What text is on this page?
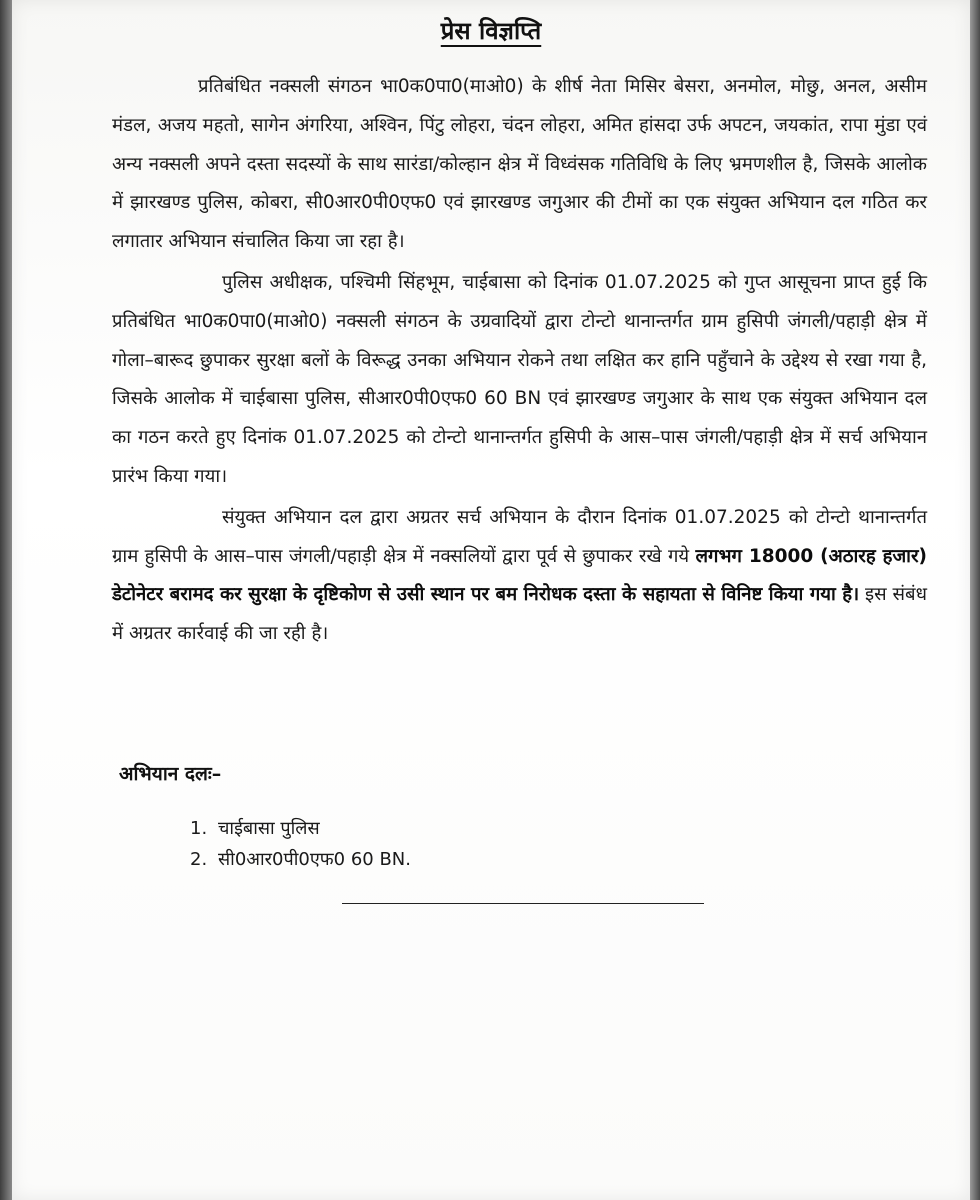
प्रेस विज्ञप्ति

प्रतिबंधित नक्सली संगठन भा0क0पा0(माओ0) के शीर्ष नेता मिसिर बेसरा, अनमोल, मोछु, अनल, असीम मंडल, अजय महतो, सागेन अंगरिया, अश्विन, पिंटु लोहरा, चंदन लोहरा, अमित हांसदा उर्फ अपटन, जयकांत, रापा मुंडा एवं अन्य नक्सली अपने दस्ता सदस्यों के साथ सारंडा/कोल्हान क्षेत्र में विध्वंसक गतिविधि के लिए भ्रमणशील है, जिसके आलोक में झारखण्ड पुलिस, कोबरा, सी0आर0पी0एफ0 एवं झारखण्ड जगुआर की टीमों का एक संयुक्त अभियान दल गठित कर लगातार अभियान संचालित किया जा रहा है।

पुलिस अधीक्षक, पश्चिमी सिंहभूम, चाईबासा को दिनांक 01.07.2025 को गुप्त आसूचना प्राप्त हुई कि प्रतिबंधित भा0क0पा0(माओ0) नक्सली संगठन के उग्रवादियों द्वारा टोन्टो थानान्तर्गत ग्राम हुसिपी जंगली/पहाड़ी क्षेत्र में गोला–बारूद छुपाकर सुरक्षा बलों के विरूद्ध उनका अभियान रोकने तथा लक्षित कर हानि पहुँचाने के उद्देश्य से रखा गया है, जिसके आलोक में चाईबासा पुलिस, सीआर0पी0एफ0 60 BN एवं झारखण्ड जगुआर के साथ एक संयुक्त अभियान दल का गठन करते हुए दिनांक 01.07.2025 को टोन्टो थानान्तर्गत हुसिपी के आस–पास जंगली/पहाड़ी क्षेत्र में सर्च अभियान प्रारंभ किया गया।

संयुक्त अभियान दल द्वारा अग्रतर सर्च अभियान के दौरान दिनांक 01.07.2025 को टोन्टो थानान्तर्गत ग्राम हुसिपी के आस–पास जंगली/पहाड़ी क्षेत्र में नक्सलियों द्वारा पूर्व से छुपाकर रखे गये लगभग 18000 (अठारह हजार) डेटोनेटर बरामद कर सुरक्षा के दृष्टिकोण से उसी स्थान पर बम निरोधक दस्ता के सहायता से विनिष्ट किया गया है। इस संबंध में अग्रतर कार्रवाई की जा रही है।

अभियान दलः–
1. चाईबासा पुलिस
2. सी0आर0पी0एफ0 60 BN.
